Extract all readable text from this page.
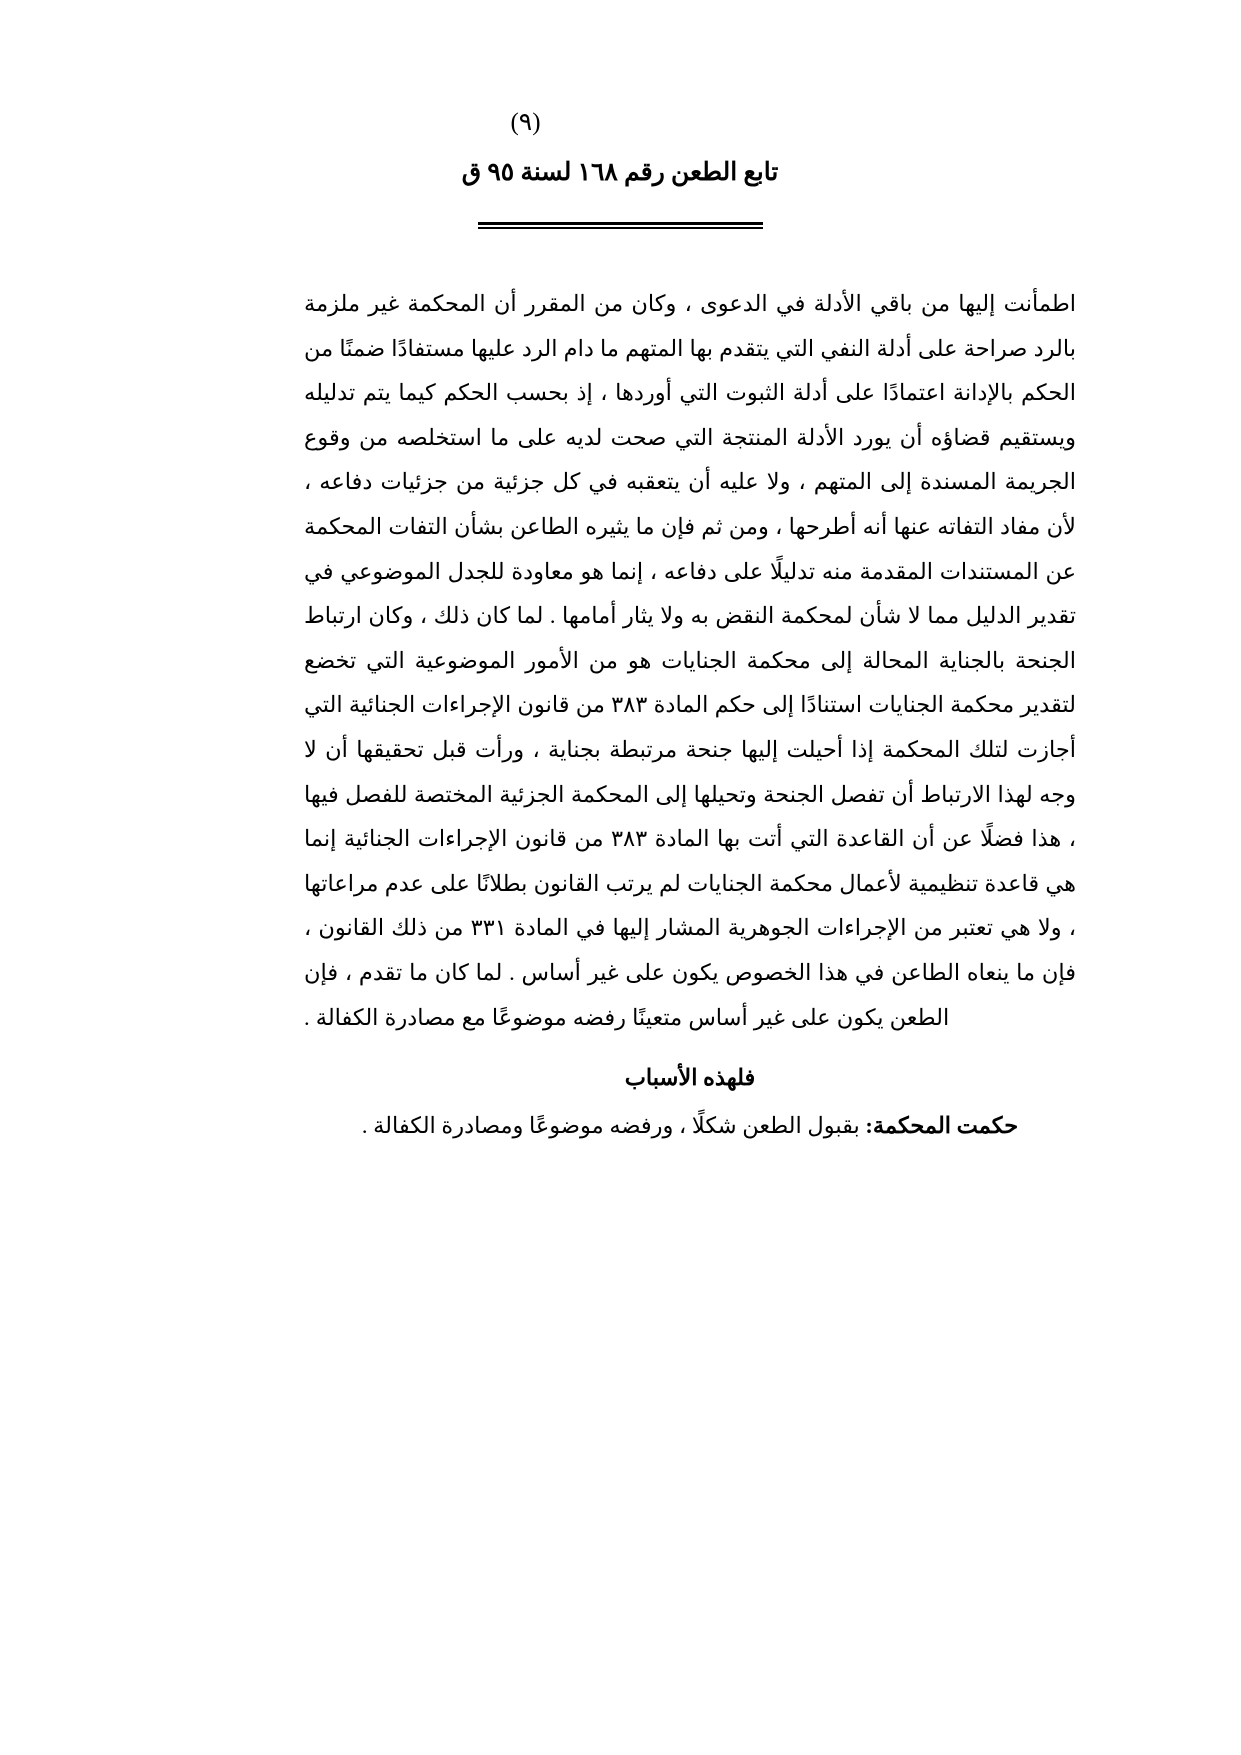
(٩)
تابع الطعن رقم ١٦٨ لسنة ٩٥ ق

اطمأنت إليها من باقي الأدلة في الدعوى ، وكان من المقرر أن المحكمة غير ملزمة بالرد صراحة على أدلة النفي التي يتقدم بها المتهم ما دام الرد عليها مستفادًا ضمنًا من الحكم بالإدانة اعتمادًا على أدلة الثبوت التي أوردها ، إذ بحسب الحكم كيما يتم تدليله ويستقيم قضاؤه أن يورد الأدلة المنتجة التي صحت لديه على ما استخلصه من وقوع الجريمة المسندة إلى المتهم ، ولا عليه أن يتعقبه في كل جزئية من جزئيات دفاعه ، لأن مفاد التفاته عنها أنه أطرحها ، ومن ثم فإن ما يثيره الطاعن بشأن التفات المحكمة عن المستندات المقدمة منه تدليلًا على دفاعه ، إنما هو معاودة للجدل الموضوعي في تقدير الدليل مما لا شأن لمحكمة النقض به ولا يثار أمامها . لما كان ذلك ، وكان ارتباط الجنحة بالجناية المحالة إلى محكمة الجنايات هو من الأمور الموضوعية التي تخضع لتقدير محكمة الجنايات استنادًا إلى حكم المادة ٣٨٣ من قانون الإجراءات الجنائية التي أجازت لتلك المحكمة إذا أحيلت إليها جنحة مرتبطة بجناية ، ورأت قبل تحقيقها أن لا وجه لهذا الارتباط أن تفصل الجنحة وتحيلها إلى المحكمة الجزئية المختصة للفصل فيها ، هذا فضلًا عن أن القاعدة التي أتت بها المادة ٣٨٣ من قانون الإجراءات الجنائية إنما هي قاعدة تنظيمية لأعمال محكمة الجنايات لم يرتب القانون بطلانًا على عدم مراعاتها ، ولا هي تعتبر من الإجراءات الجوهرية المشار إليها في المادة ٣٣١ من ذلك القانون ، فإن ما ينعاه الطاعن في هذا الخصوص يكون على غير أساس . لما كان ما تقدم ، فإن الطعن يكون على غير أساس متعينًا رفضه موضوعًا مع مصادرة الكفالة .

فلهذه الأسباب
حكمت المحكمة: بقبول الطعن شكلًا ، ورفضه موضوعًا ومصادرة الكفالة .
